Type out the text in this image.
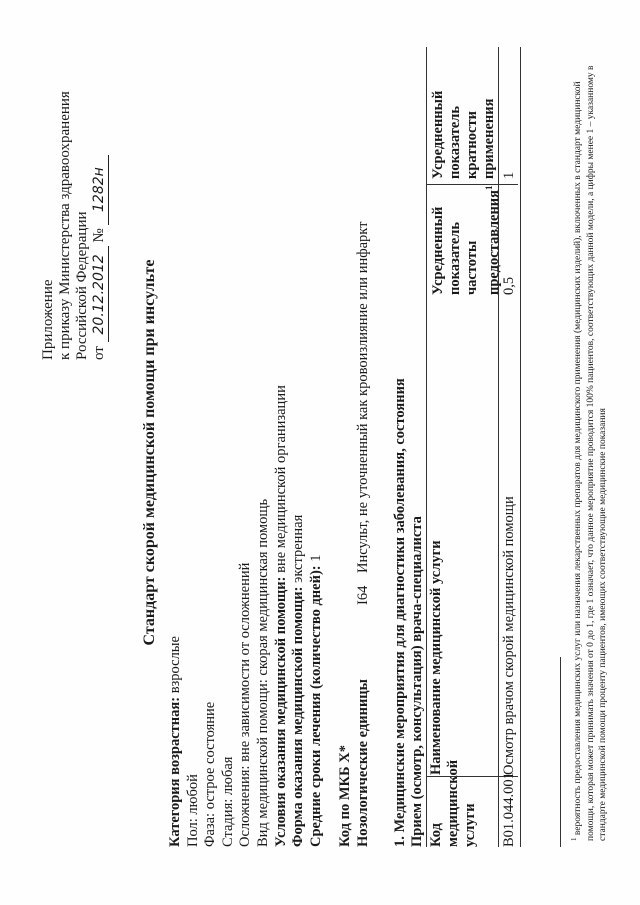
Приложение к приказу Министерства здравоохранения Российской Федерации от 20.12.2012 № 1282н
Стандарт скорой медицинской помощи при инсульте
Категория возрастная: взрослые
Пол: любой
Фаза: острое состояние
Стадия: любая Осложнения: вне зависимости от осложнений Вид медицинской помощи: скорая медицинская помощь Условия оказания медицинской помощи: вне медицинской организации
Форма оказания медицинской помощи: экстренная
Средние сроки лечения (количество дней): 1
Код по МКБ X* Нозологические единицы
I64
Инсульт, не уточненный как кровоизлияние или инфаркт 1. Медицинские мероприятия для диагностики заболевания, состояния Прием (осмотр, консультация) врача-специалиста Код медицинской услуги
Наименование медицинской услуги
Усредненный показатель частоты предоставления$^1$
Усредненный показатель кратности применения
B01.044.001
Осмотр врачом скорой медицинской помощи
0,5
1
$^1$ вероятность предоставления медицинских услуг или назначения лекарственных препаратов для медицинского применения (медицинских изделий), включенных в стандарт медицинской помощи, которая может принимать значения от 0 до 1, где 1 означает, что данное мероприятие проводится 100% пациентов, соответствующих данной модели, а цифры менее 1 – указанному в стандарте медицинской помощи проценту пациентов, имеющих соответствующие медицинские показания
